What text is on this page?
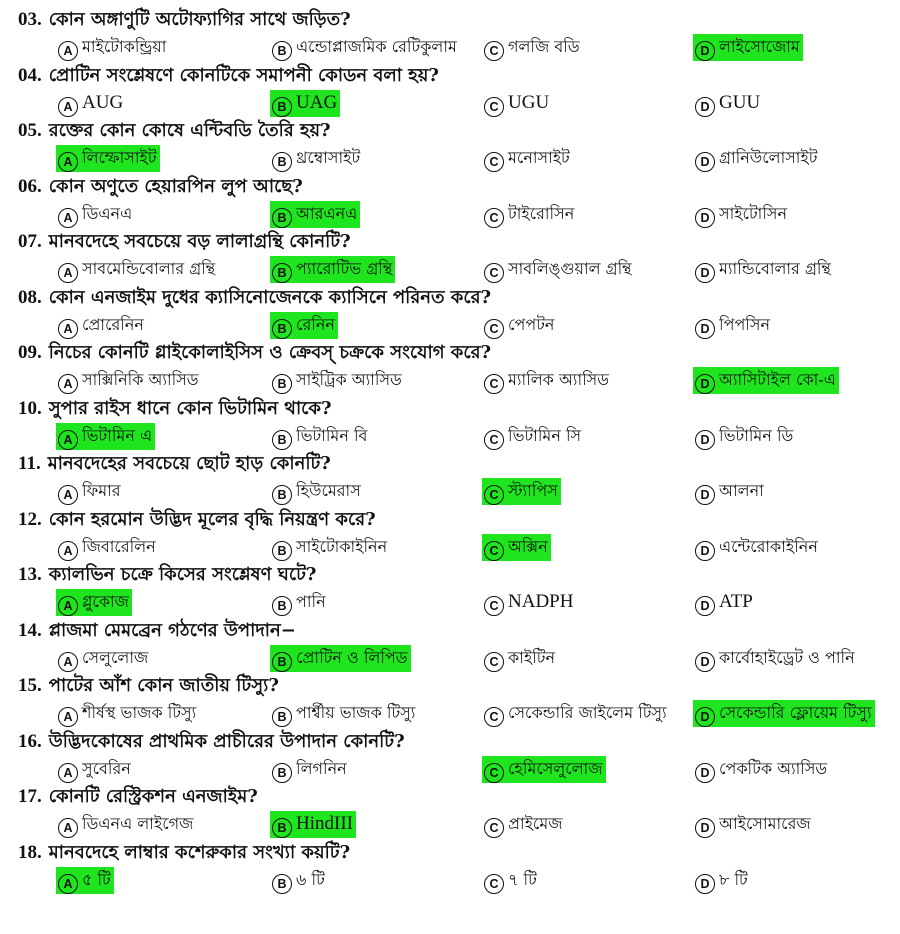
03. কোন অঙ্গাণুটি অটোফ্যাগির সাথে জড়িত?
A মাইটোকন্ড্রিয়া	B এন্ডোপ্লাজমিক রেটিকুলাম	C গলজি বডি	D লাইসোজোম
04. প্রোটিন সংশ্লেষণে কোনটিকে সমাপনী কোডন বলা হয়?
A AUG	B UAG	C UGU	D GUU
05. রক্তের কোন কোষে এন্টিবডি তৈরি হয়?
A লিম্ফোসাইট	B থ্রম্বোসাইট	C মনোসাইট	D গ্রানিউলোসাইট
06. কোন অণুতে হেয়ারপিন লুপ আছে?
A ডিএনএ	B আরএনএ	C টাইরোসিন	D সাইটোসিন
07. মানবদেহে সবচেয়ে বড় লালাগ্রন্থি কোনটি?
A সাবমেন্ডিবোলার গ্রন্থি	B প্যারোটিভ গ্রন্থি	C সাবলিঙ্গুয়াল গ্রন্থি	D ম্যান্ডিবোলার গ্রন্থি
08. কোন এনজাইম দুধের ক্যাসিনোজেনকে ক্যাসিনে পরিনত করে?
A প্রোরেনিন	B রেনিন	C পেপটন	D পিপসিন
09. নিচের কোনটি গ্লাইকোলাইসিস ও ক্রেবস্ চক্রকে সংযোগ করে?
A সাক্সিনিকি অ্যাসিড	B সাইট্রিক অ্যাসিড	C ম্যালিক অ্যাসিড	D অ্যাসিটাইল কো-এ
10. সুপার রাইস ধানে কোন ভিটামিন থাকে?
A ভিটামিন এ	B ভিটামিন বি	C ভিটামিন সি	D ভিটামিন ডি
11. মানবদেহের সবচেয়ে ছোট হাড় কোনটি?
A ফিমার	B হিউমেরাস	C স্ট্যাপিস	D আলনা
12. কোন হরমোন উদ্ভিদ মূলের বৃদ্ধি নিয়ন্ত্রণ করে?
A জিবারেলিন	B সাইটোকাইনিন	C অক্সিন	D এন্টেরোকাইনিন
13. ক্যালভিন চক্রে কিসের সংশ্লেষণ ঘটে?
A গ্লুকোজ	B পানি	C NADPH	D ATP
14. প্লাজমা মেমব্রেন গঠণের উপাদান−
A সেলুলোজ	B প্রোটিন ও লিপিড	C কাইটিন	D কার্বোহাইড্রেট ও পানি
15. পাটের আঁশ কোন জাতীয় টিস্যু?
A শীর্ষস্থ ভাজক টিস্যু	B পার্শ্বীয় ভাজক টিস্যু	C সেকেন্ডারি জাইলেম টিস্যু	D সেকেন্ডারি ফ্লোয়েম টিস্যু
16. উদ্ভিদকোষের প্রাথমিক প্রাচীরের উপাদান কোনটি?
A সুবেরিন	B লিগনিন	C হেমিসেলুলোজ	D পেকটিক অ্যাসিড
17. কোনটি রেস্ট্রিকশন এনজাইম?
A ডিএনএ লাইগেজ	B HindIII	C প্রাইমেজ	D আইসোমারেজ
18. মানবদেহে লাম্বার কশেরুকার সংখ্যা কয়টি?
A ৫ টি	B ৬ টি	C ৭ টি	D ৮ টি
